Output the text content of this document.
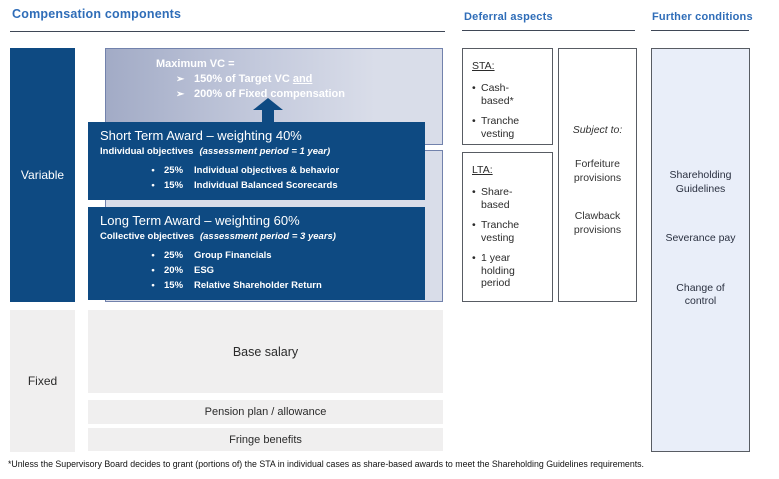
Compensation components	Deferral aspects	Further conditions
Variable
Fixed
Maximum VC =
➢ 150% of Target VC and
➢ 200% of Fixed compensation
Short Term Award – weighting 40%
Individual objectives (assessment period = 1 year)
• 25%	Individual objectives & behavior
• 15%	Individual Balanced Scorecards
Long Term Award – weighting 60%
Collective objectives (assessment period = 3 years)
• 25%	Group Financials
• 20%	ESG
• 15%	Relative Shareholder Return
Base salary
Pension plan / allowance
Fringe benefits
STA:
• Cash-based*
• Tranche vesting
LTA:
• Share-based
• Tranche vesting
• 1 year holding period
Subject to:
Forfeiture provisions
Clawback provisions
Shareholding Guidelines
Severance pay
Change of control
*Unless the Supervisory Board decides to grant (portions of) the STA in individual cases as share-based awards to meet the Shareholding Guidelines requirements.
